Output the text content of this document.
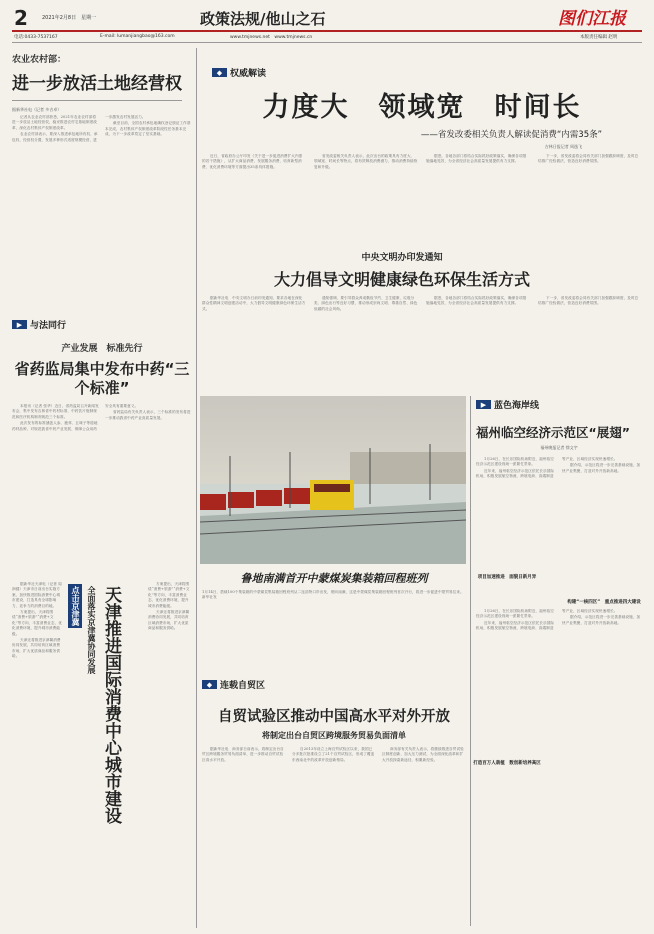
2	政策法规/他山之石
2021年2月8日　星期一	图们江报
电话:0433-7537167	E-mail: lumanjiangbao@163.com	www.tmjnews.net　www.tmjnews.cn	本版责任编辑 赵明
农业农村部：
进一步放活土地经营权
据新华社电（记者 多吉卓）

记者从农业农村部获悉，2021年农业农村部将进一步放活土地经营权，稳妥推进农村宅基地制度改革，深化农村集体产权制度改革。

农业农村部表示，要深入推进承包地所有权、承包权、经营权分置，发展多种形式适度规模经营，进一步激发农村发展活力。

截至目前，全国农村承包地确权登记颁证工作基本完成，农村集体产权制度改革阶段性任务基本完成，为下一步改革奠定了坚实基础。

▶ 与法同行
产业发展　标准先行
省药监局集中发布中药“三个标准”

本报讯（记者 张华）近日，省药监局召开新闻发布会，集中发布吉林省中药材标准、中药饮片炮制规范和医疗机构制剂规范三个标准。

此次发布的标准涵盖人参、鹿茸、五味子等道地药材品种，对规范我省中药产业发展、保障公众用药安全具有重要意义。

省药监局有关负责人表示，三个标准的发布将进一步推动我省中药产业高质量发展。

据新华社天津电（记者 周润健）天津市日前出台实施方案，加快推进国际消费中心城市建设，打造具有全球影响力、竞争力的消费目的地。

方案提出，天津将围绕“消费+旅游”“消费+文化”等方向，丰富消费业态，优化消费环境，提升城市消费能级。

天津还将推进京津冀消费协同发展，共同培育区域消费市场，扩大优质商品和服务供给。

点击京津冀 全面落实京津冀协同发展 天津推进国际消费中心城市建设

方案提出，天津将围绕“消费+旅游”“消费+文化”等方向，丰富消费业态，优化消费环境，提升城市消费能级。

天津还将推进京津冀消费协同发展，共同培育区域消费市场，扩大优质商品和服务供给。

◆ 权威解读
力度大　领域宽　时间长
——省发改委相关负责人解读促消费“内需35条”
吉林日报记者 周逸飞

近日，省政府办公厅印发《关于进一步促进消费扩大内需的若干措施》，从扩大商品消费、发展服务消费、培育新型消费、优化消费环境等方面提出35条具体措施。

省发改委相关负责人表示，此次出台的政策具有力度大、领域宽、时间长等特点，将有效释放消费潜力，推动消费持续恢复和升级。

据悉，各地各部门将结合实际抓好政策落实，确保各项措施落地见效，为全省经济社会高质量发展提供有力支撑。

下一步，省发改委将会同有关部门加强跟踪调度，及时总结推广经验做法，营造良好消费氛围。

中央文明办印发通知
大力倡导文明健康绿色环保生活方式

据新华社电　中央文明办日前印发通知，要求各地在深化群众性精神文明创建活动中，大力倡导文明健康绿色环保生活方式。

通知强调，要引导群众养成勤俭节约、卫生健康、垃圾分类、绿色出行等良好习惯，推动形成崇尚文明、尊重自然、绿色低碳的社会风尚。

据悉，各地各部门将结合实际抓好政策落实，确保各项措施落地见效，为全省经济社会高质量发展提供有力支撑。

下一步，省发改委将会同有关部门加强跟踪调度，及时总结推广经验做法，营造良好消费氛围。

▶ 蓝色海岸线
福州临空经济示范区“展翅”
福州晚报记者 徐文宇

1月26日，在长乐国际机场附近，福州临空经济示范区建设现场一派繁忙景象。

近年来，福州临空经济示范区依托长乐国际机场，积极发展航空物流、跨境电商、高端制造等产业，区域经济实现快速增长。

据介绍，示范区将进一步完善基础设施，加快产业集聚，打造对外开放新高地。

构建“一核四区”　重点推进四大建设

1月26日，在长乐国际机场附近，福州临空经济示范区建设现场一派繁忙景象。

近年来，福州临空经济示范区依托长乐国际机场，积极发展航空物流、跨境电商、高端制造等产业，区域经济实现快速增长。

据介绍，示范区将进一步完善基础设施，加快产业集聚，打造对外开放新高地。

鲁地南满首开中蒙煤炭集装箱回程班列
1月14日，搭载100个集装箱的中蒙煤炭集装箱回程班列从二连浩特口岸出发，驶向南满，这是中蒙煤炭集装箱回程班列首次开行，将进一步促进中蒙贸易往来。新华社发
项目加速推进　面貌日新月异
打造百万人栽植　数创新培养高区
◆ 连载自贸区
自贸试验区推动中国高水平对外开放
将制定出台自贸区跨境服务贸易负面清单

据新华社电　商务部日前表示，将制定出台自贸区跨境服务贸易负面清单，进一步推动自贸试验区高水平开放。

自2013年设立上海自贸试验区以来，我国已分多批次批准设立了21个自贸试验区，形成了覆盖东西南北中的改革开放创新格局。

商务部有关负责人表示，将继续推进自贸试验区制度创新，加大压力测试，为全面深化改革和扩大开放探索新途径、积累新经验。
